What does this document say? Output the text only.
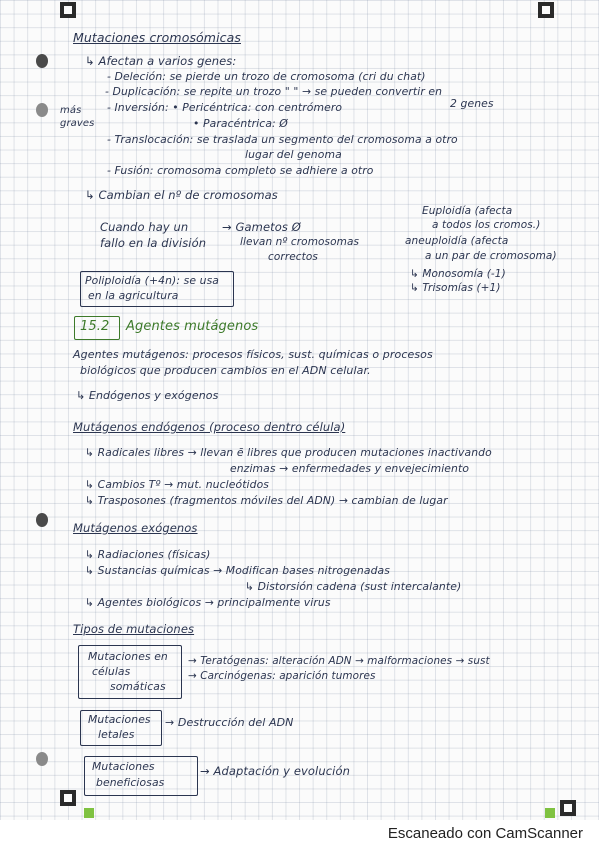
Mutaciones cromosómicas
↳ Afectan a varios genes:
- Deleción: se pierde un trozo de cromosoma (cri du chat)
- Duplicación: se repite un trozo " " → se pueden convertir en
2 genes
- Inversión: • Pericéntrica: con centrómero
• Paracéntrica: Ø
más graves
- Translocación: se traslada un segmento del cromosoma a otro
lugar del genoma
- Fusión: cromosoma completo se adhiere a otro
↳ Cambian el nº de cromosomas
Cuando hay un
fallo en la división
→ Gametos Ø
llevan nº cromosomas
correctos
Euploidía (afecta
a todos los cromos.)
aneuploidía (afecta
a un par de cromosoma)
↳ Monosomía (-1)
↳ Trisomías (+1)
Poliploidía (+4n): se usa
en la agricultura
15.2 Agentes mutágenos
Agentes mutágenos: procesos físicos, sust. químicas o procesos
biológicos que producen cambios en el ADN celular.
↳ Endógenos y exógenos
Mutágenos endógenos (proceso dentro célula)
↳ Radicales libres → llevan ē libres que producen mutaciones inactivando
enzimas → enfermedades y envejecimiento
↳ Cambios Tº → mut. nucleótidos
↳ Trasposones (fragmentos móviles del ADN) → cambian de lugar
Mutágenos exógenos
↳ Radiaciones (físicas)
↳ Sustancias químicas → Modifican bases nitrogenadas
↳ Distorsión cadena (sust intercalante)
↳ Agentes biológicos → principalmente virus
Tipos de mutaciones
Mutaciones en
células
somáticas
→ Teratógenas: alteración ADN → malformaciones → sust
→ Carcinógenas: aparición tumores
Mutaciones
letales
→ Destrucción del ADN
Mutaciones
beneficiosas
→ Adaptación y evolución
Escaneado con CamScanner
